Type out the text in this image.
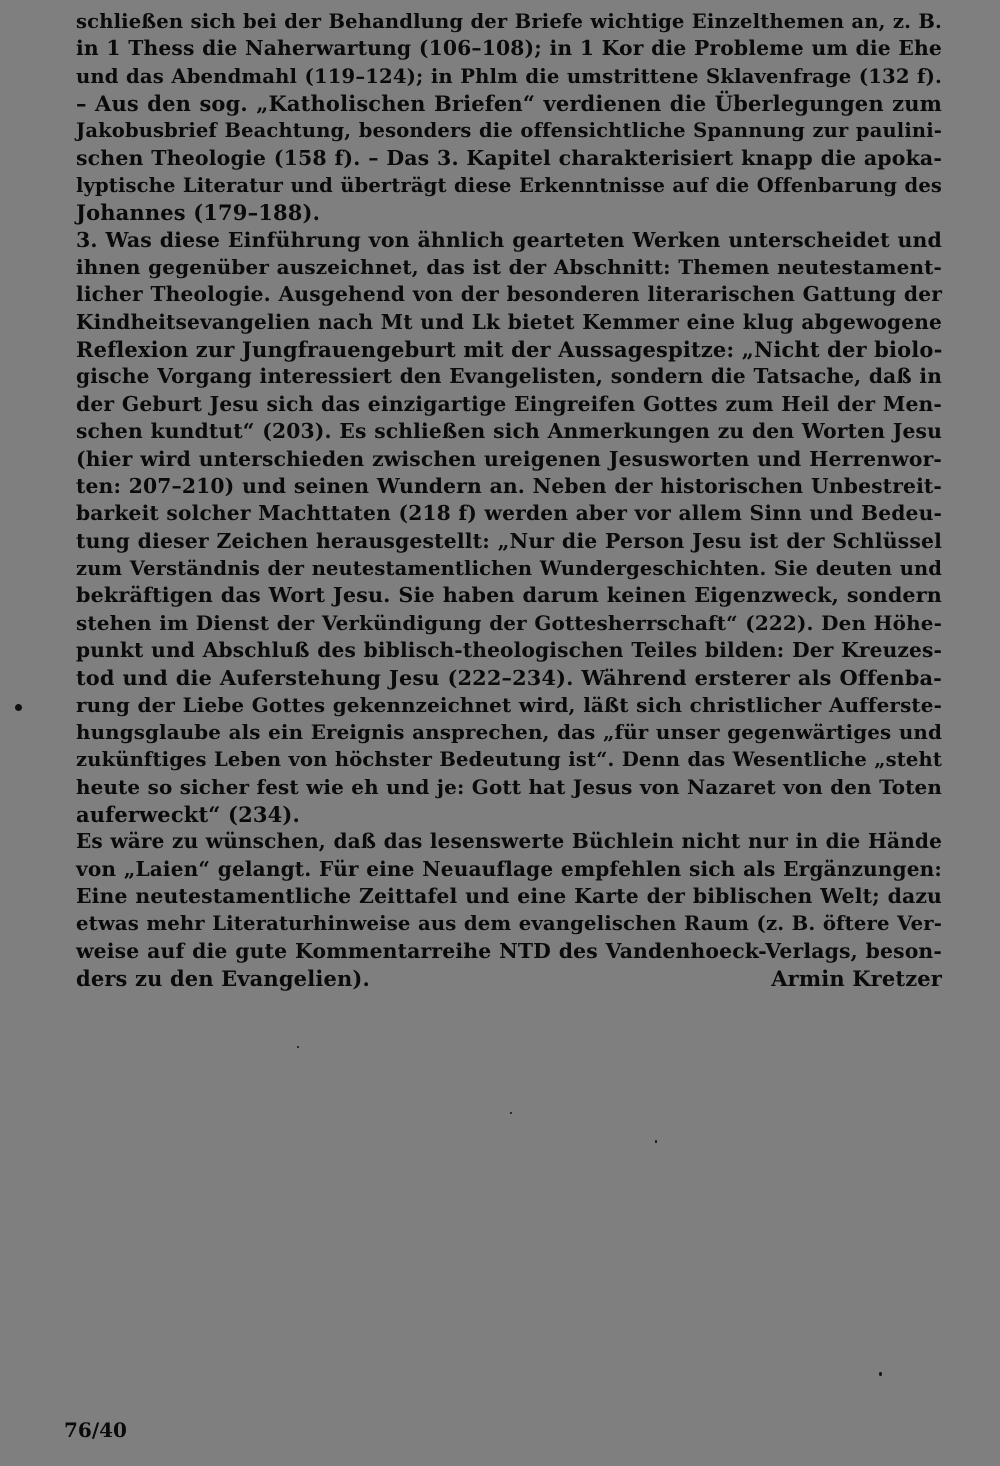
schließen sich bei der Behandlung der Briefe wichtige Einzelthemen an, z. B.
in 1 Thess die Naherwartung (106–108); in 1 Kor die Probleme um die Ehe
und das Abendmahl (119–124); in Phlm die umstrittene Sklavenfrage (132 f).
– Aus den sog. „Katholischen Briefen“ verdienen die Überlegungen zum
Jakobusbrief Beachtung, besonders die offensichtliche Spannung zur paulini-
schen Theologie (158 f). – Das 3. Kapitel charakterisiert knapp die apoka-
lyptische Literatur und überträgt diese Erkenntnisse auf die Offenbarung des
Johannes (179–188).
3. Was diese Einführung von ähnlich gearteten Werken unterscheidet und
ihnen gegenüber auszeichnet, das ist der Abschnitt: Themen neutestament-
licher Theologie. Ausgehend von der besonderen literarischen Gattung der
Kindheitsevangelien nach Mt und Lk bietet Kemmer eine klug abgewogene
Reflexion zur Jungfrauengeburt mit der Aussagespitze: „Nicht der biolo-
gische Vorgang interessiert den Evangelisten, sondern die Tatsache, daß in
der Geburt Jesu sich das einzigartige Eingreifen Gottes zum Heil der Men-
schen kundtut“ (203). Es schließen sich Anmerkungen zu den Worten Jesu
(hier wird unterschieden zwischen ureigenen Jesusworten und Herrenwor-
ten: 207–210) und seinen Wundern an. Neben der historischen Unbestreit-
barkeit solcher Machttaten (218 f) werden aber vor allem Sinn und Bedeu-
tung dieser Zeichen herausgestellt: „Nur die Person Jesu ist der Schlüssel
zum Verständnis der neutestamentlichen Wundergeschichten. Sie deuten und
bekräftigen das Wort Jesu. Sie haben darum keinen Eigenzweck, sondern
stehen im Dienst der Verkündigung der Gottesherrschaft“ (222). Den Höhe-
punkt und Abschluß des biblisch-theologischen Teiles bilden: Der Kreuzes-
tod und die Auferstehung Jesu (222–234). Während ersterer als Offenba-
rung der Liebe Gottes gekennzeichnet wird, läßt sich christlicher Aufferste-
hungsglaube als ein Ereignis ansprechen, das „für unser gegenwärtiges und
zukünftiges Leben von höchster Bedeutung ist“. Denn das Wesentliche „steht
heute so sicher fest wie eh und je: Gott hat Jesus von Nazaret von den Toten
auferweckt“ (234).
Es wäre zu wünschen, daß das lesenswerte Büchlein nicht nur in die Hände
von „Laien“ gelangt. Für eine Neuauflage empfehlen sich als Ergänzungen:
Eine neutestamentliche Zeittafel und eine Karte der biblischen Welt; dazu
etwas mehr Literaturhinweise aus dem evangelischen Raum (z. B. öftere Ver-
weise auf die gute Kommentarreihe NTD des Vandenhoeck-Verlags, beson-
ders zu den Evangelien).	Armin Kretzer
76/40
